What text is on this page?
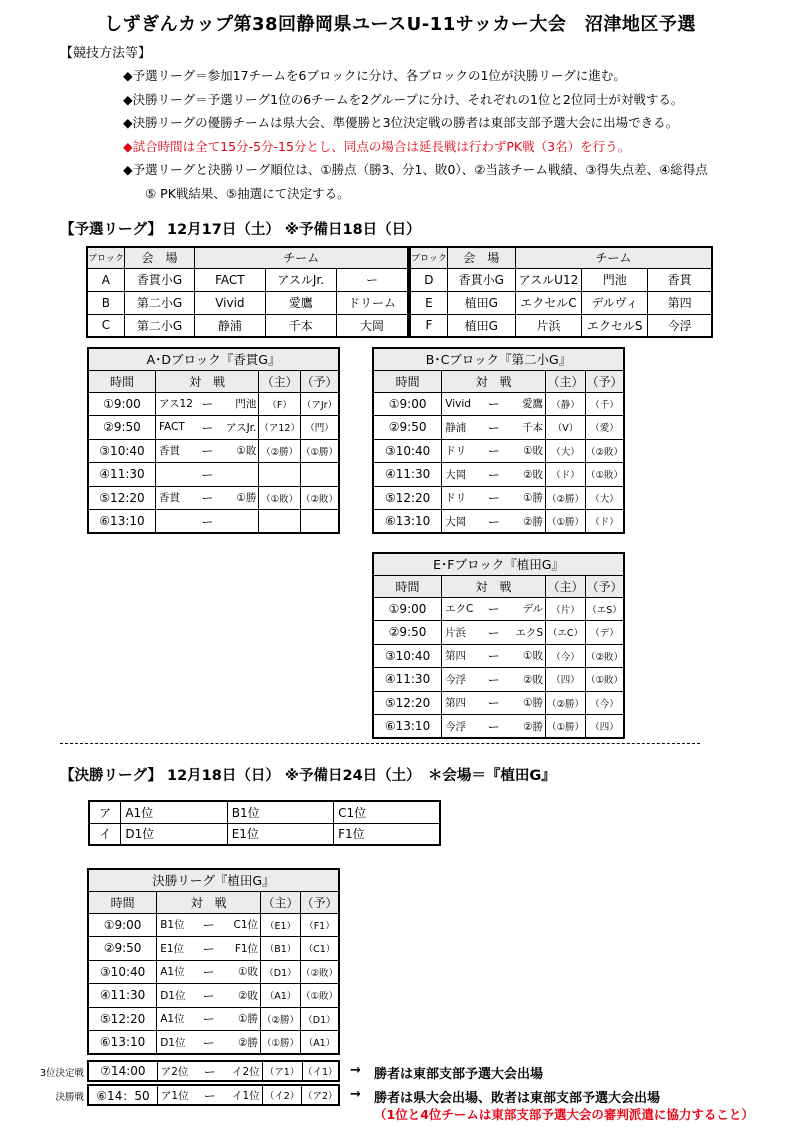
しずぎんカップ第38回静岡県ユースU-11サッカー大会　沼津地区予選
【競技方法等】
◆予選リーグ＝参加17チームを6ブロックに分け、各ブロックの1位が決勝リーグに進む。
◆決勝リーグ＝予選リーグ1位の6チームを2グループに分け、それぞれの1位と2位同士が対戦する。
◆決勝リーグの優勝チームは県大会、準優勝と3位決定戦の勝者は東部支部予選大会に出場できる。
◆試合時間は全て15分-5分-15分とし、同点の場合は延長戦は行わずPK戦（3名）を行う。
◆予選リーグと決勝リーグ順位は、①勝点（勝3、分1、敗0）、②当該チーム戦績、③得失点差、④総得点
⑤ PK戦結果、⑤抽選にて決定する。
【予選リーグ】 12月17日（土） ※予備日18日（日）
ブロック	会　場	チーム		
A	香貫小G	FACT	アスルJr.	ー
B	第二小G	Vivid	愛鷹	ドリーム
C	第二小G	静浦	千本	大岡
ブロック	会　場	チーム		
D	香貫小G	アスルU12	門池	香貫
E	植田G	エクセルC	デルヴィ	第四
F	植田G	片浜	エクセルS	今浮
A･Dブロック『香貫G』					
時間	対　戦			（主）	（予）
①9:00	アス12	ー	門池	（F）	（アJr）
②9:50	FACT	ー	アスJr.	（ア12）	（門）
③10:40	香貫	ー	①敗	（②勝）	（①勝）
④11:30		ー			
⑤12:20	香貫	ー	①勝	（①敗）	（②敗）
⑥13:10		ー			
B･Cブロック『第二小G』					
時間	対　戦			（主）	（予）
①9:00	Vivid	ー	愛鷹	（静）	（千）
②9:50	静浦	ー	千本	（V）	（愛）
③10:40	ドリ	ー	①敗	（大）	（②敗）
④11:30	大岡	ー	②敗	（ド）	（①敗）
⑤12:20	ドリ	ー	①勝	（②勝）	（大）
⑥13:10	大岡	ー	②勝	（①勝）	（ド）
E･Fブロック『植田G』					
時間	対　戦			（主）	（予）
①9:00	エクC	ー	デル	（片）	（エS）
②9:50	片浜	ー	エクS	（エC）	（デ）
③10:40	第四	ー	①敗	（今）	（②敗）
④11:30	今浮	ー	②敗	（四）	（①敗）
⑤12:20	第四	ー	①勝	（②勝）	（今）
⑥13:10	今浮	ー	②勝	（①勝）	（四）
決勝リーグ『植田G』					
時間	対　戦			（主）	（予）
①9:00	B1位	ー	C1位	（E1）	（F1）
②9:50	E1位	ー	F1位	（B1）	（C1）
③10:40	A1位	ー	①敗	（D1）	（②敗）
④11:30	D1位	ー	②敗	（A1）	（①敗）
⑤12:20	A1位	ー	①勝	（②勝）	（D1）
⑥13:10	D1位	ー	②勝	（①勝）	（A1）
【決勝リーグ】 12月18日（日） ※予備日24日（土）　＊会場＝『植田G』
ア	A1位	B1位	C1位
イ	D1位	E1位	F1位
3位決定戦 ⑦14:00	ア2位	ー	イ2位	（ア1）	（イ1） → 勝者は東部支部予選大会出場
決勝戦 ⑥14：50	ア1位	ー	イ1位	（イ2）	（ア2） → 勝者は県大会出場、敗者は東部支部予選大会出場
（1位と4位チームは東部支部予選大会の審判派遣に協力すること）
